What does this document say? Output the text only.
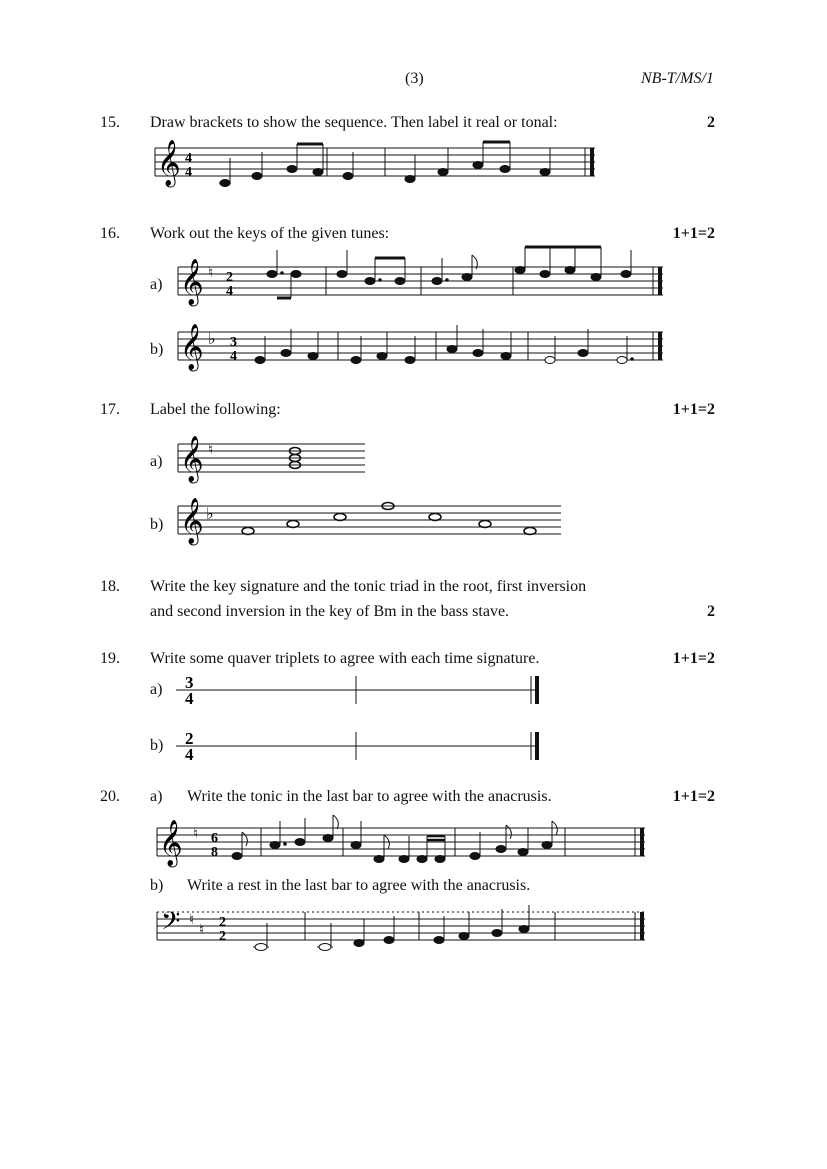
(3)	NB-T/MS/1
15. Draw brackets to show the sequence. Then label it real or tonal:	2
𝄞 4
4
16. Work out the keys of the given tunes:	1+1=2
a) 𝄞 ♮ 2
4
b) 𝄞 ♭ 3
4
17. Label the following:	1+1=2
a) 𝄞 ♮
b) 𝄞 ♭
18. Write the key signature and the tonic triad in the root, first inversion
and second inversion in the key of Bm in the bass stave.	2
19. Write some quaver triplets to agree with each time signature.	1+1=2
a) 3
4
b) 2
4
20. a) Write the tonic in the last bar to agree with the anacrusis.	1+1=2
𝄞 ♮ 6
8
b) Write a rest in the last bar to agree with the anacrusis.
𝄢 ♮
♮
2
2
